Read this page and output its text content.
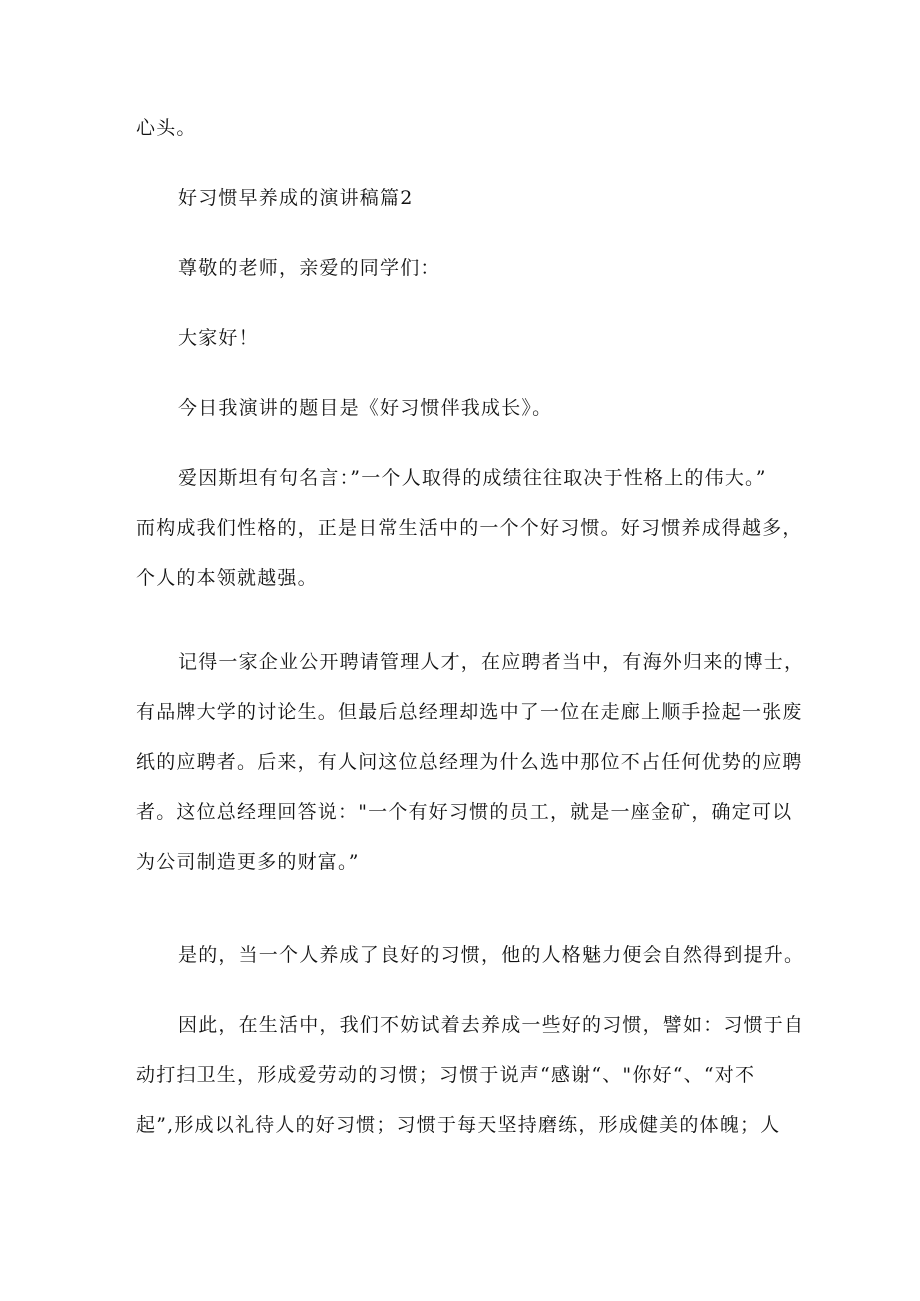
心头。

好习惯早养成的演讲稿篇2

尊敬的老师，亲爱的同学们：

大家好！

今日我演讲的题目是《好习惯伴我成长》。

爱因斯坦有句名言：”一个人取得的成绩往往取决于性格上的伟大。”
而构成我们性格的，正是日常生活中的一个个好习惯。好习惯养成得越多，
个人的本领就越强。

记得一家企业公开聘请管理人才，在应聘者当中，有海外归来的博士，
有品牌大学的讨论生。但最后总经理却选中了一位在走廊上顺手捡起一张废
纸的应聘者。后来，有人问这位总经理为什么选中那位不占任何优势的应聘
者。这位总经理回答说："一个有好习惯的员工，就是一座金矿，确定可以
为公司制造更多的财富。”

是的，当一个人养成了良好的习惯，他的人格魅力便会自然得到提升。

因此，在生活中，我们不妨试着去养成一些好的习惯，譬如：习惯于自
动打扫卫生，形成爱劳动的习惯；习惯于说声“感谢“、"你好“、“对不
起”,形成以礼待人的好习惯；习惯于每天坚持磨练，形成健美的体魄；人
